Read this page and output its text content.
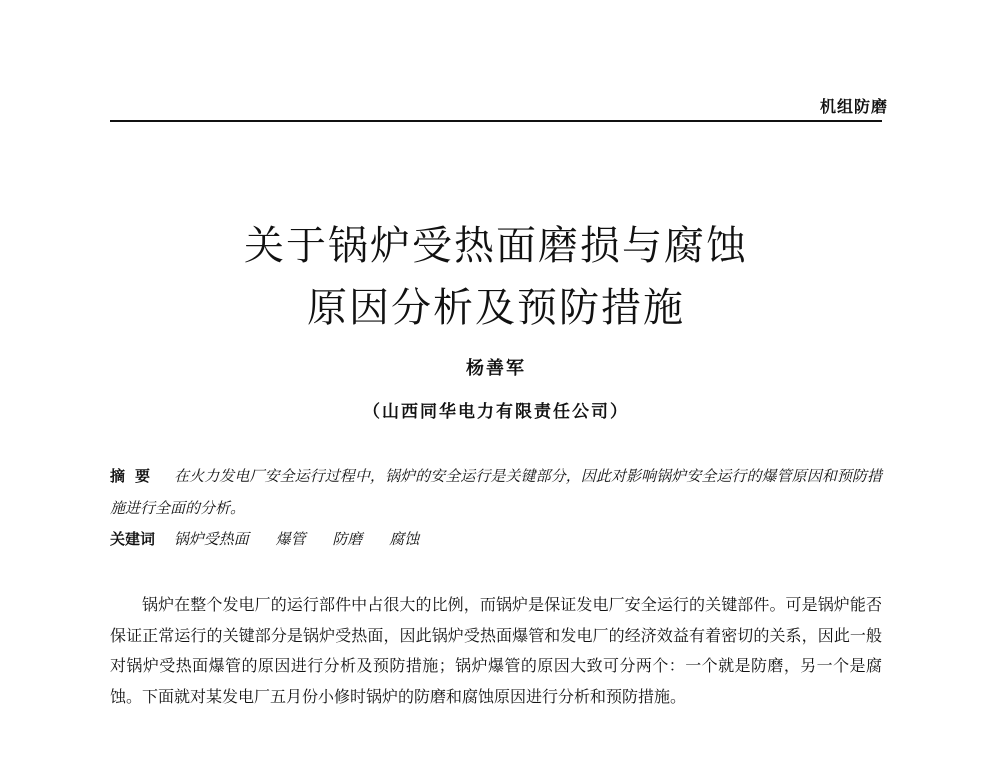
机组防磨
关于锅炉受热面磨损与腐蚀
原因分析及预防措施
杨善军
（山西同华电力有限责任公司）
摘要 在火力发电厂安全运行过程中，锅炉的安全运行是关键部分，因此对影响锅炉安全运行的爆管原因和预防措施进行全面的分析。
关建词 锅炉受热面 爆管 防磨 腐蚀
锅炉在整个发电厂的运行部件中占很大的比例，而锅炉是保证发电厂安全运行的关键部件。可是锅炉能否保证正常运行的关键部分是锅炉受热面，因此锅炉受热面爆管和发电厂的经济效益有着密切的关系，因此一般对锅炉受热面爆管的原因进行分析及预防措施；锅炉爆管的原因大致可分两个：一个就是防磨，另一个是腐蚀。下面就对某发电厂五月份小修时锅炉的防磨和腐蚀原因进行分析和预防措施。
